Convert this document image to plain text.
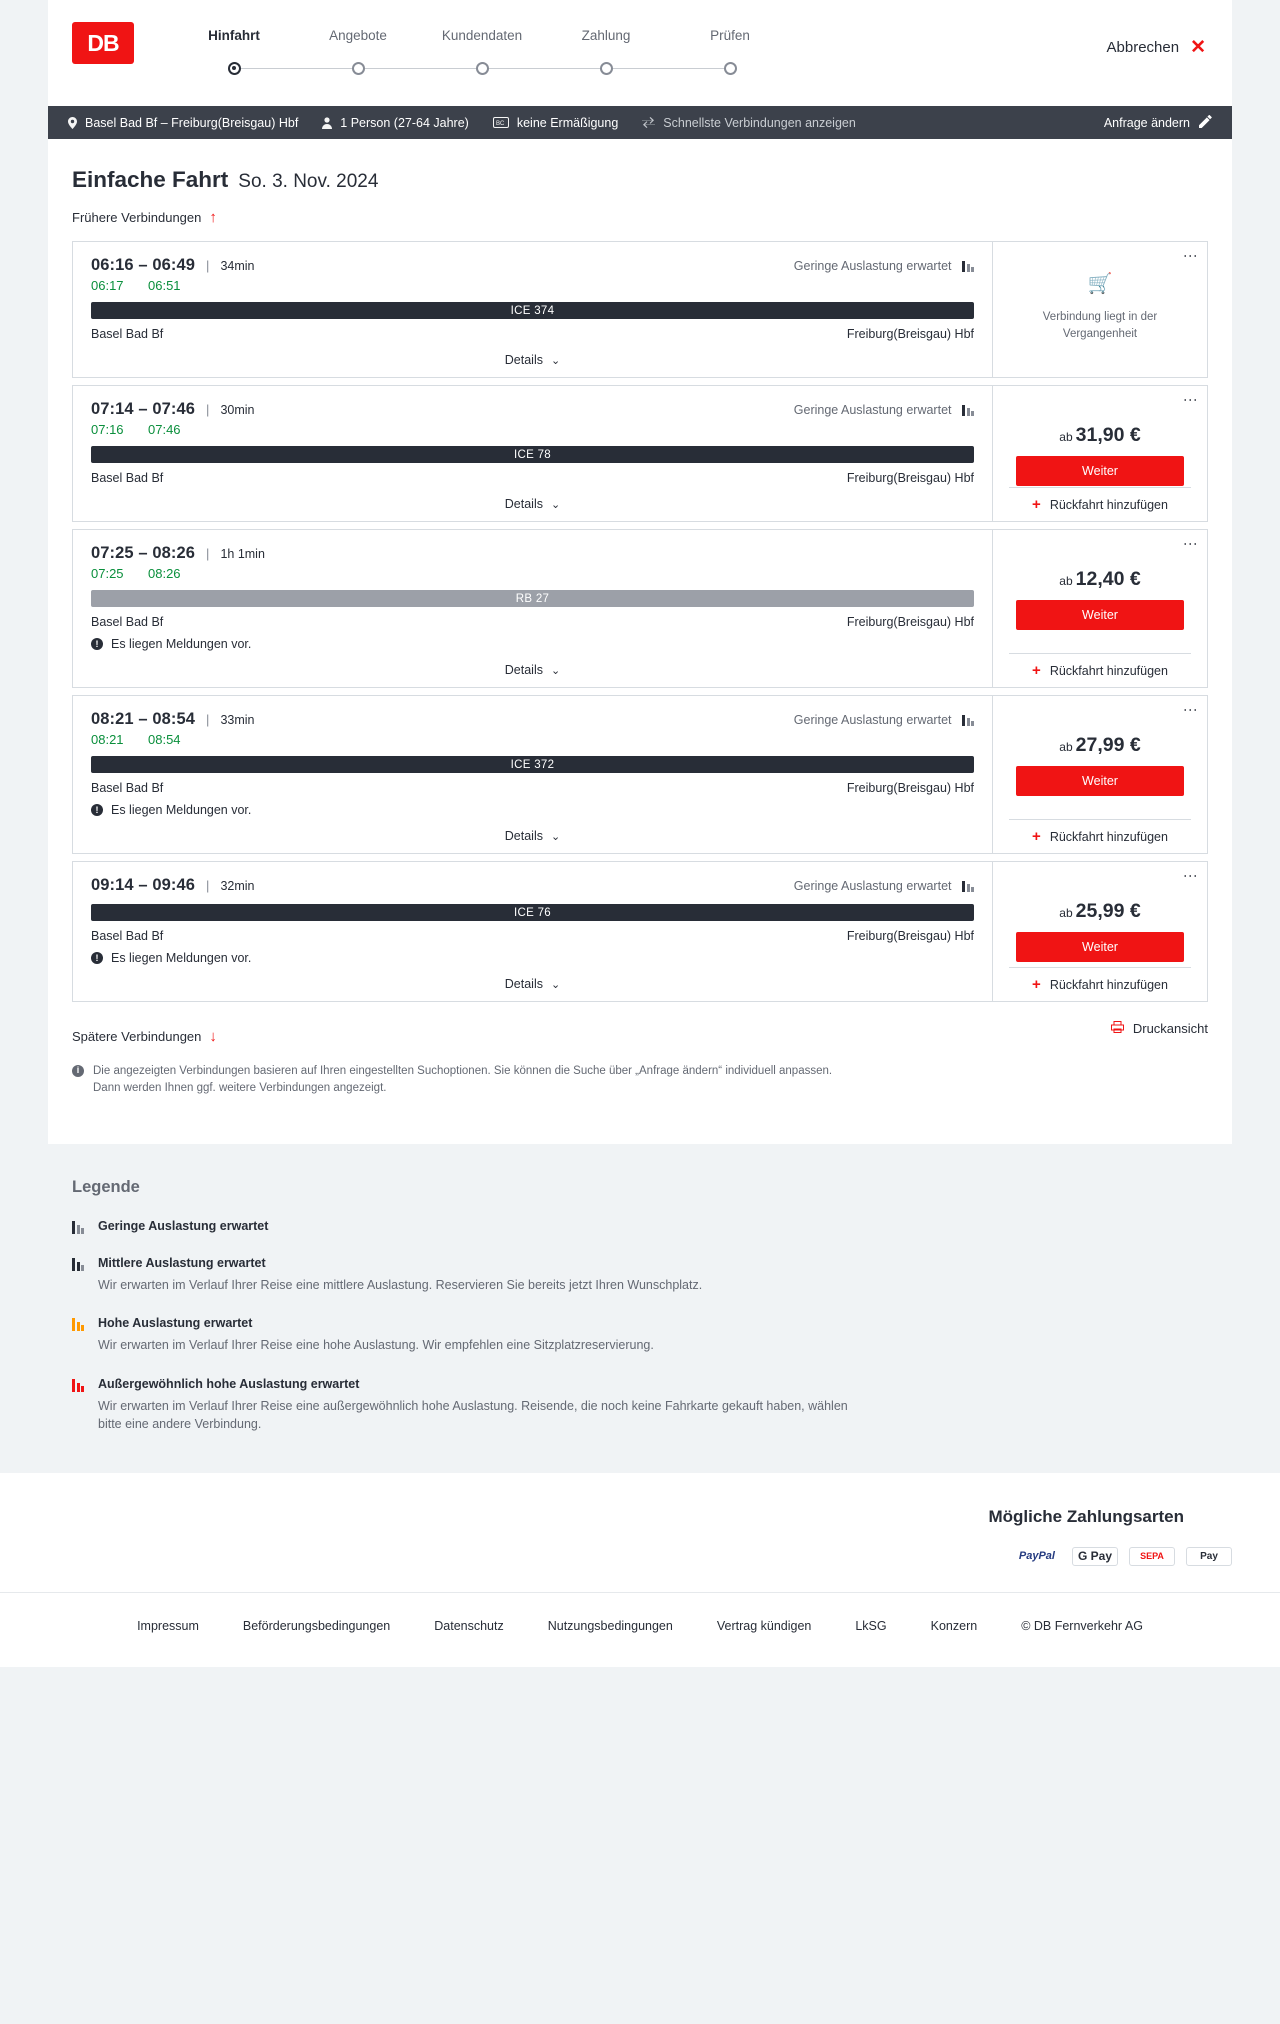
DB	Hinfahrt	Angebote	Kundendaten	Zahlung	Prüfen
Abbrechen ✕
Basel Bad Bf – Freiburg(Breisgau) Hbf	1 Person (27-64 Jahre)	BC keine Ermäßigung	Schnellste Verbindungen anzeigen	Anfrage ändern
Einfache Fahrt So. 3. Nov. 2024
Frühere Verbindungen ↑
06:16 – 06:49 | 34min	Geringe Auslastung erwartet
06:17	06:51
ICE 374
Basel Bad Bf	Freiburg(Breisgau) Hbf
Details ⌄
⋮
🛒
Verbindung liegt in der Vergangenheit
07:14 – 07:46 | 30min	Geringe Auslastung erwartet
07:16	07:46
ICE 78
Basel Bad Bf	Freiburg(Breisgau) Hbf
Details ⌄
⋮
ab 31,90 €
Weiter
+ Rückfahrt hinzufügen
07:25 – 08:26 | 1h 1min
07:25	08:26
RB 27
Basel Bad Bf	Freiburg(Breisgau) Hbf
!	Es liegen Meldungen vor.
Details ⌄
⋮
ab 12,40 €
Weiter
+ Rückfahrt hinzufügen
08:21 – 08:54 | 33min	Geringe Auslastung erwartet
08:21	08:54
ICE 372
Basel Bad Bf	Freiburg(Breisgau) Hbf
!	Es liegen Meldungen vor.
Details ⌄
⋮
ab 27,99 €
Weiter
+ Rückfahrt hinzufügen
09:14 – 09:46 | 32min	Geringe Auslastung erwartet
ICE 76
Basel Bad Bf	Freiburg(Breisgau) Hbf
!	Es liegen Meldungen vor.
Details ⌄
⋮
ab 25,99 €
Weiter
+ Rückfahrt hinzufügen
Spätere Verbindungen ↓	Druckansicht
i	Die angezeigten Verbindungen basieren auf Ihren eingestellten Suchoptionen. Sie können die Suche über „Anfrage ändern“ individuell anpassen. Dann werden Ihnen ggf. weitere Verbindungen angezeigt.
Legende
Geringe Auslastung erwartet
Mittlere Auslastung erwartet
Wir erwarten im Verlauf Ihrer Reise eine mittlere Auslastung. Reservieren Sie bereits jetzt Ihren Wunschplatz.
Hohe Auslastung erwartet
Wir erwarten im Verlauf Ihrer Reise eine hohe Auslastung. Wir empfehlen eine Sitzplatzreservierung.
Außergewöhnlich hohe Auslastung erwartet
Wir erwarten im Verlauf Ihrer Reise eine außergewöhnlich hohe Auslastung. Reisende, die noch keine Fahrkarte gekauft haben, wählen bitte eine andere Verbindung.
Mögliche Zahlungsarten
PayPal	G Pay	SEPA	Pay
Impressum	Beförderungsbedingungen	Datenschutz	Nutzungsbedingungen	Vertrag kündigen	LkSG	Konzern	© DB Fernverkehr AG
